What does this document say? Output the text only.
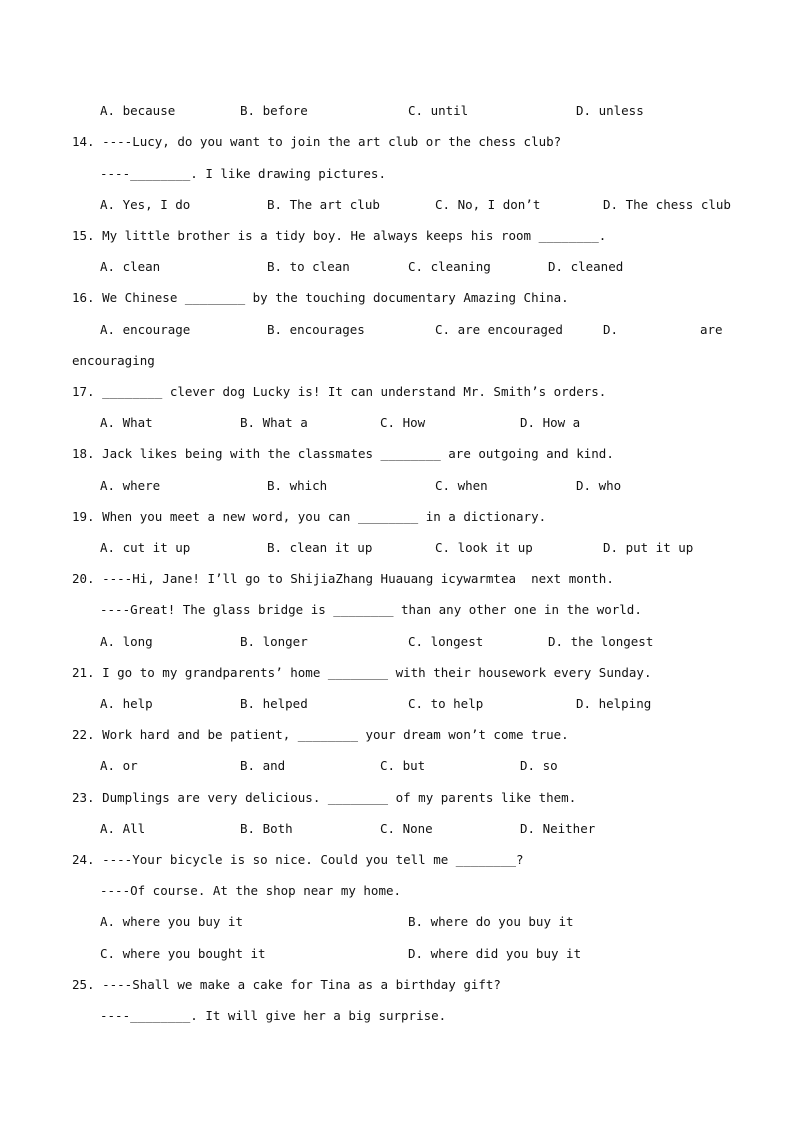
A. because	B. before	C. until	D. unless
14. ----Lucy, do you want to join the art club or the chess club?
----________. I like drawing pictures.
A. Yes, I do	B. The art club	C. No, I don’t	D. The chess club
15. My little brother is a tidy boy. He always keeps his room ________.
A. clean	B. to clean	C. cleaning	D. cleaned
16. We Chinese ________ by the touching documentary Amazing China.
A. encourage	B. encourages	C. are encouraged	D.	are
encouraging
17. ________ clever dog Lucky is! It can understand Mr. Smith’s orders.
A. What	B. What a	C. How	D. How a
18. Jack likes being with the classmates ________ are outgoing and kind.
A. where	B. which	C. when	D. who
19. When you meet a new word, you can ________ in a dictionary.
A. cut it up	B. clean it up	C. look it up	D. put it up
20. ----Hi, Jane! I’ll go to ShijiaZhang Huauang icywarmtea  next month.
----Great! The glass bridge is ________ than any other one in the world.
A. long	B. longer	C. longest	D. the longest
21. I go to my grandparents’ home ________ with their housework every Sunday.
A. help	B. helped	C. to help	D. helping
22. Work hard and be patient, ________ your dream won’t come true.
A. or	B. and	C. but	D. so
23. Dumplings are very delicious. ________ of my parents like them.
A. All	B. Both	C. None	D. Neither
24. ----Your bicycle is so nice. Could you tell me ________?
----Of course. At the shop near my home.
A. where you buy it	B. where do you buy it
C. where you bought it	D. where did you buy it
25. ----Shall we make a cake for Tina as a birthday gift?
----________. It will give her a big surprise.
